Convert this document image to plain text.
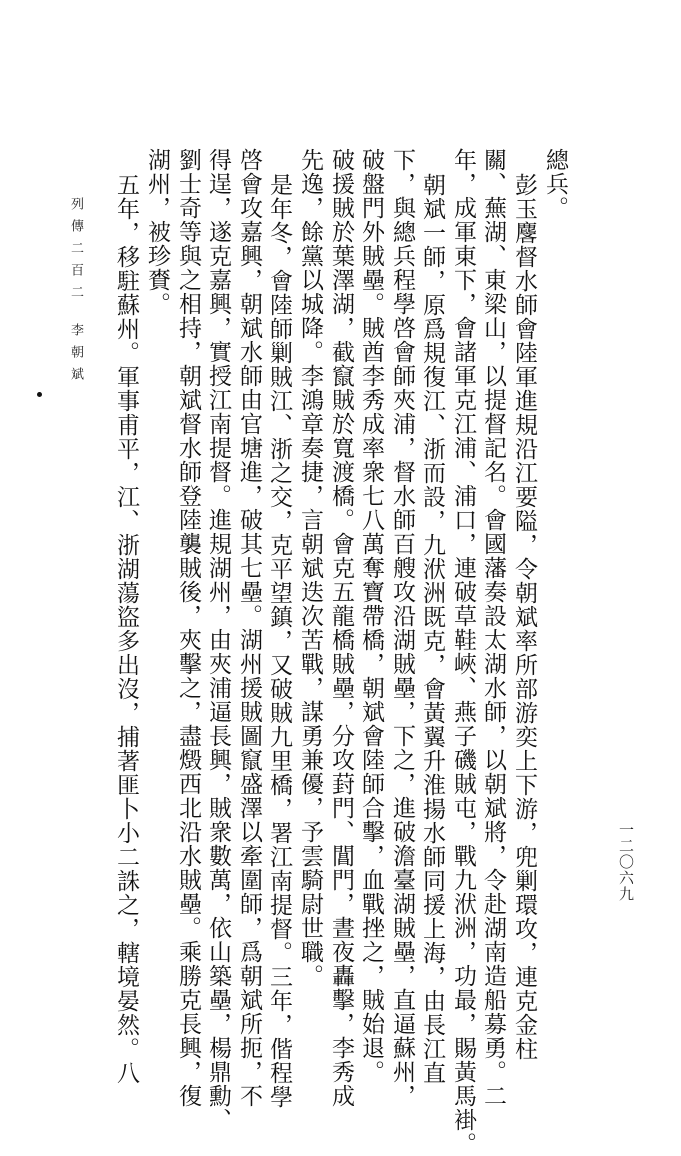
總兵。
彭玉麐督水師會陸軍進規沿江要隘，令朝斌率所部游奕上下游，兜剿環攻，連克金柱
關、蕪湖、東梁山，以提督記名。會國藩奏設太湖水師，以朝斌將，令赴湖南造船募勇。二
年，成軍東下，會諸軍克江浦、浦口，連破草鞋峽、燕子磯賊屯，戰九洑洲，功最，賜黃馬褂。
朝斌一師，原爲規復江、浙而設，九洑洲既克，會黃翼升淮揚水師同援上海，由長江直
下，與總兵程學啓會師夾浦，督水師百艘攻沿湖賊壘，下之，進破澹臺湖賊壘，直逼蘇州，
破盤門外賊壘。賊酋李秀成率衆七八萬奪寶帶橋，朝斌會陸師合擊，血戰挫之，賊始退。
破援賊於葉澤湖，截竄賊於寬渡橋。會克五龍橋賊壘，分攻葑門、閶門，晝夜轟擊，李秀成
先逸，餘黨以城降。李鴻章奏捷，言朝斌迭次苦戰，謀勇兼優，予雲騎尉世職。
是年冬，會陸師剿賊江、浙之交，克平望鎮，又破賊九里橋，署江南提督。三年，偕程學
啓會攻嘉興，朝斌水師由官塘進，破其七壘。湖州援賊圖竄盛澤以牽圍師，爲朝斌所扼，不
得逞，遂克嘉興，實授江南提督。進規湖州，由夾浦逼長興，賊衆數萬，依山築壘，楊鼎勳、
劉士奇等與之相持，朝斌督水師登陸襲賊後，夾擊之，盡燬西北沿水賊壘。乘勝克長興，復
湖州，被珍賚。
五年，移駐蘇州。軍事甫平，江、浙湖蕩盜多出沒，捕著匪卜小二誅之，轄境晏然。八
列傳二百二
李朝斌
一二〇六九
